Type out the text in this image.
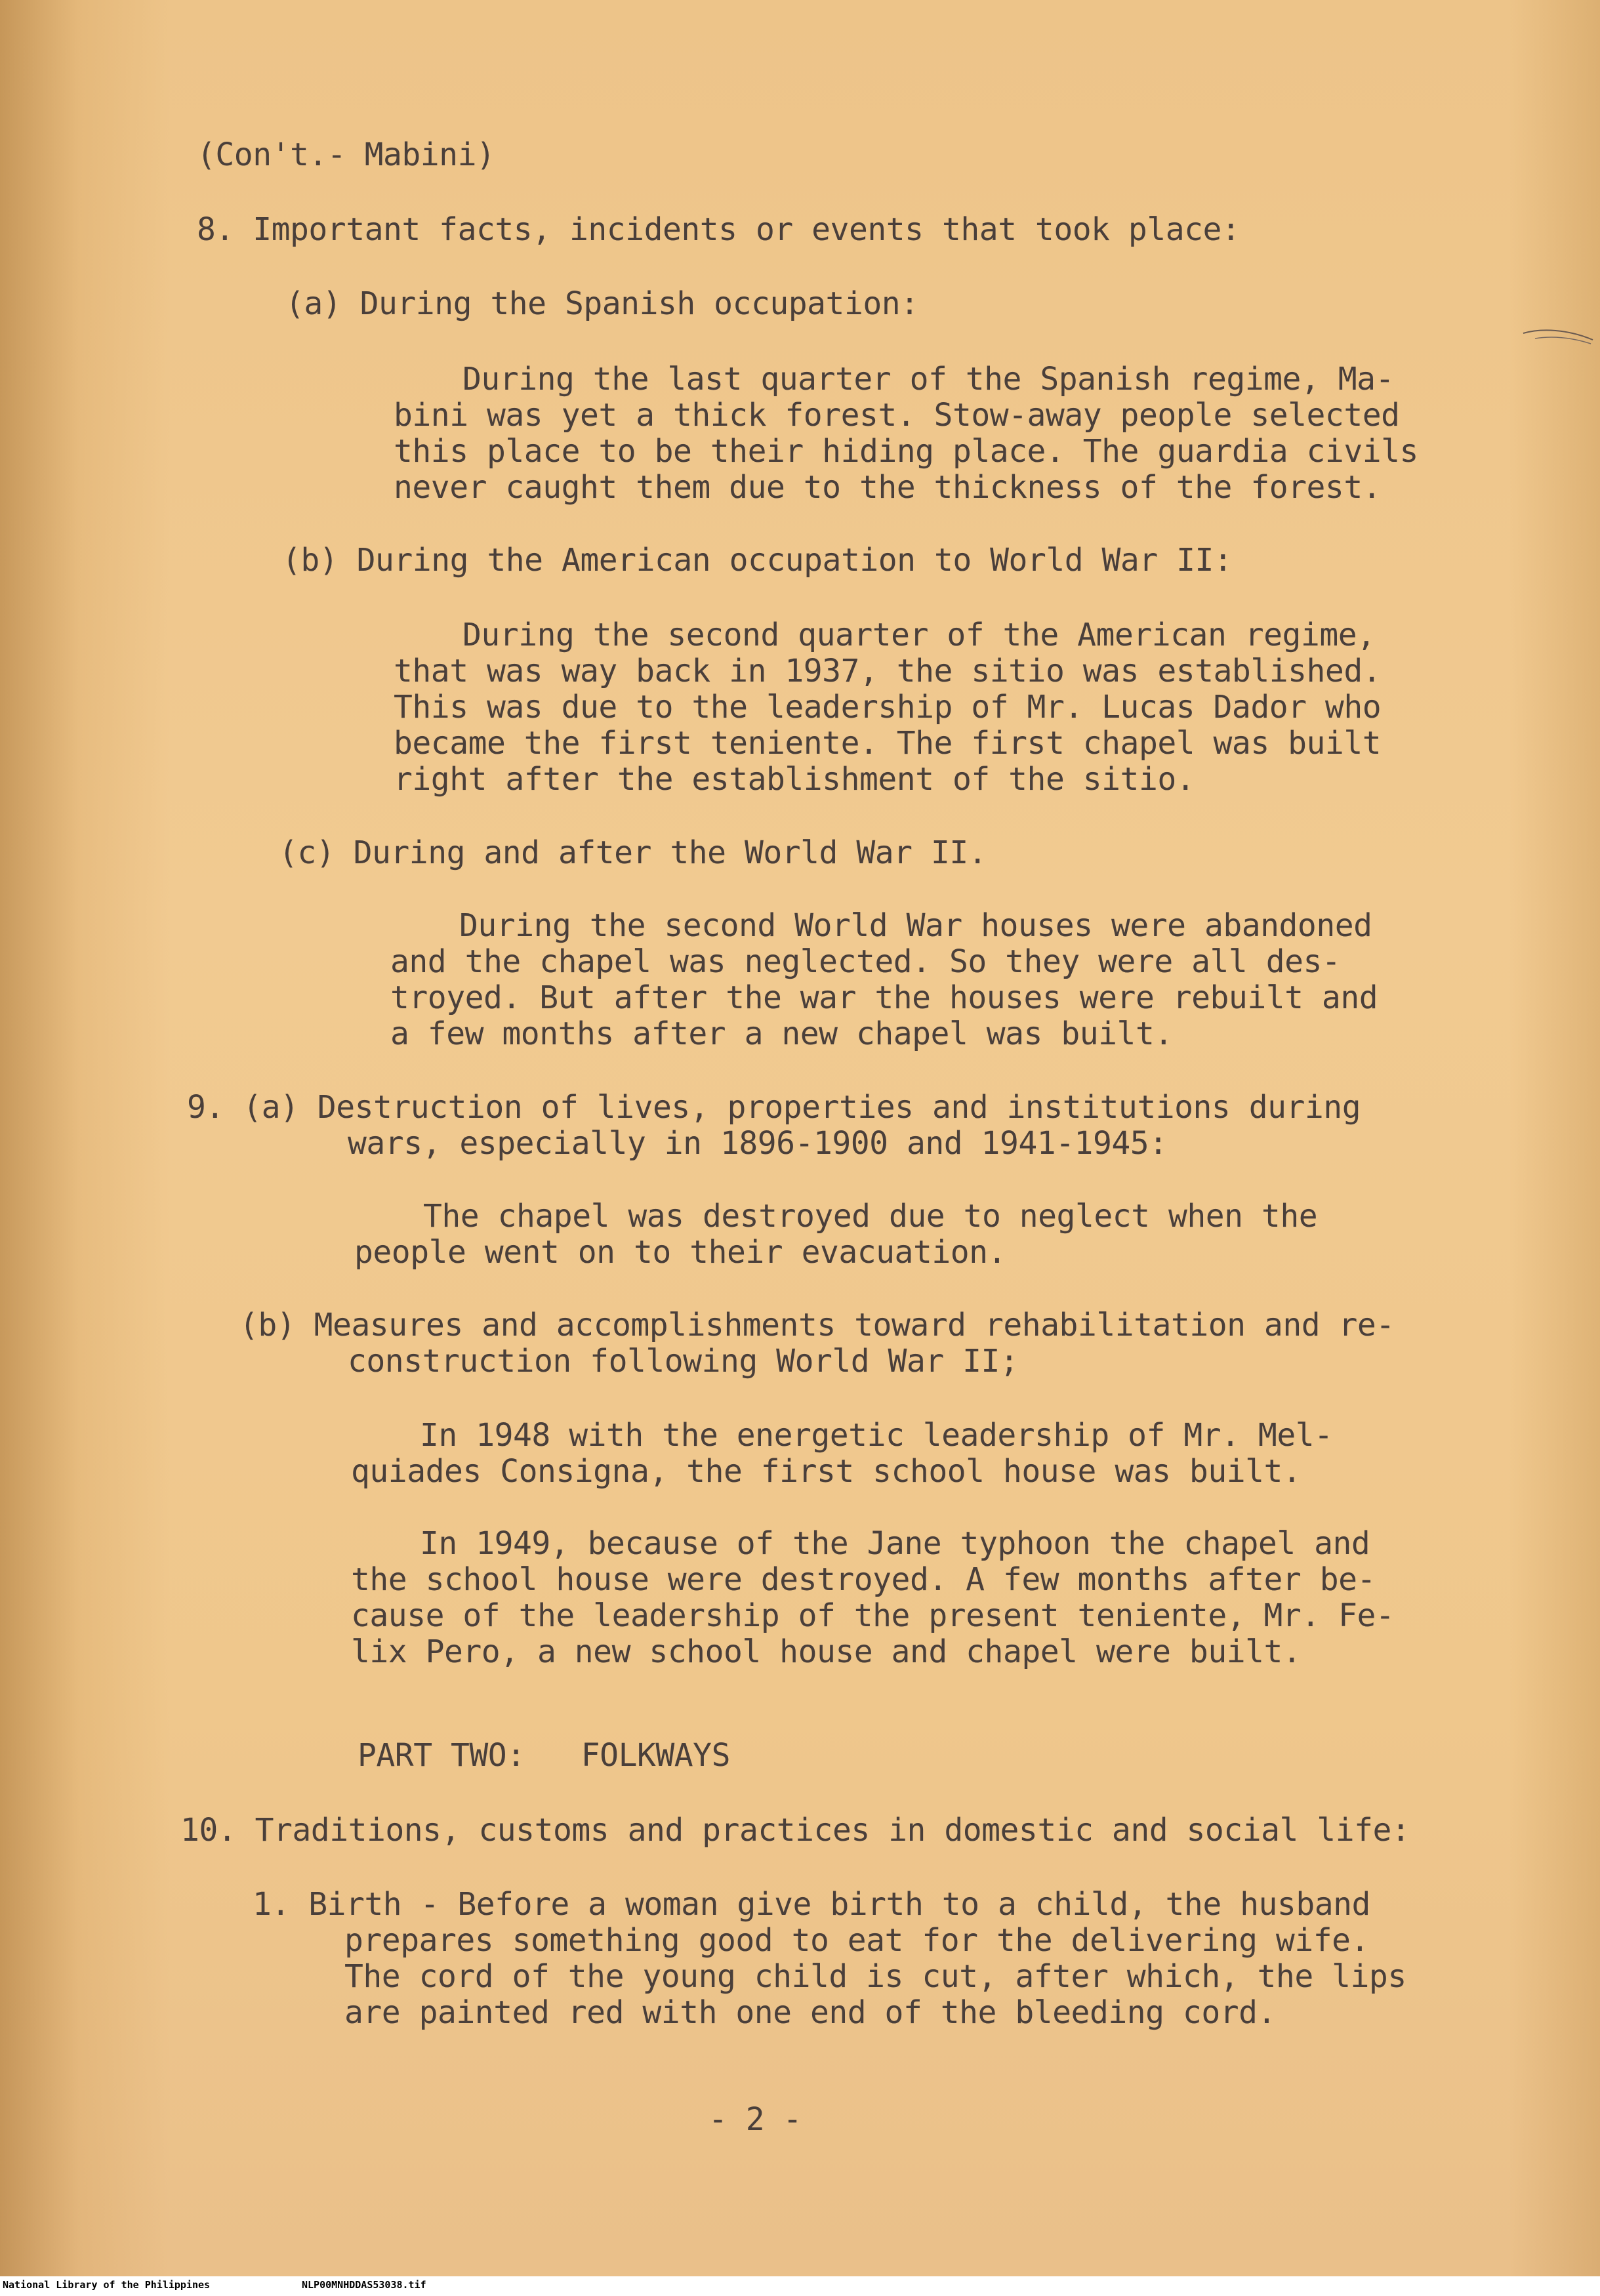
(Con't.- Mabini)

8. Important facts, incidents or events that took place:

(a) During the Spanish occupation:

During the last quarter of the Spanish regime, Ma-

bini was yet a thick forest. Stow-away people selected

this place to be their hiding place. The guardia civils

never caught them due to the thickness of the forest.

(b) During the American occupation to World War II:

During the second quarter of the American regime,

that was way back in 1937, the sitio was established.

This was due to the leadership of Mr. Lucas Dador who

became the first teniente. The first chapel was built

right after the establishment of the sitio.

(c) During and after the World War II.

During the second World War houses were abandoned

and the chapel was neglected. So they were all des-

troyed. But after the war the houses were rebuilt and

a few months after a new chapel was built.

9. (a) Destruction of lives, properties and institutions during

wars, especially in 1896-1900 and 1941-1945:

The chapel was destroyed due to neglect when the

people went on to their evacuation.

(b) Measures and accomplishments toward rehabilitation and re-

construction following World War II;

In 1948 with the energetic leadership of Mr. Mel-

quiades Consigna, the first school house was built.

In 1949, because of the Jane typhoon the chapel and

the school house were destroyed. A few months after be-

cause of the leadership of the present teniente, Mr. Fe-

lix Pero, a new school house and chapel were built.

PART TWO:   FOLKWAYS

10. Traditions, customs and practices in domestic and social life:

1. Birth - Before a woman give birth to a child, the husband

prepares something good to eat for the delivering wife.

The cord of the young child is cut, after which, the lips

are painted red with one end of the bleeding cord.

- 2 -

National Library of the Philippines	NLP00MNHDDAS53038.tif
